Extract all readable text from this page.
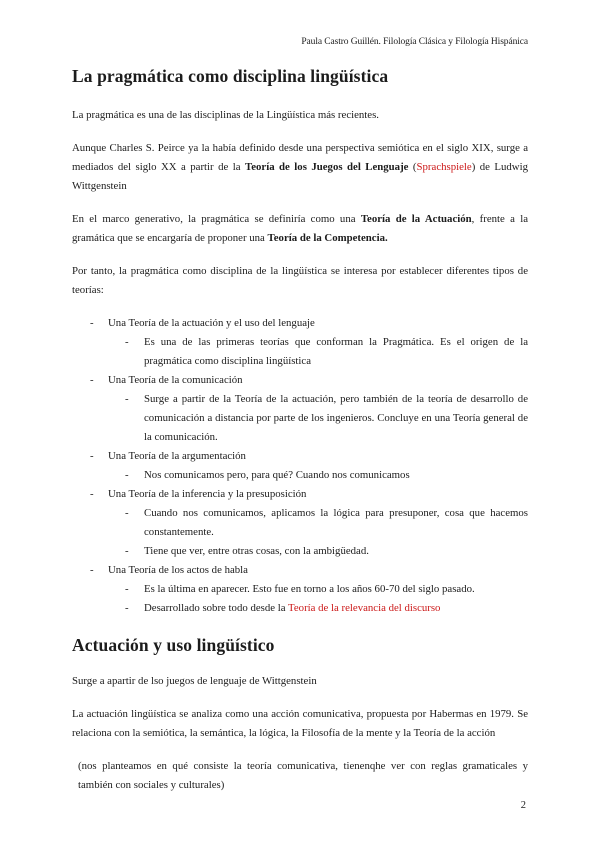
Paula Castro Guillén. Filología Clásica y Filología Hispánica
La pragmática como disciplina lingüística

La pragmática es una de las disciplinas de la Lingüística más recientes.

Aunque Charles S. Peirce ya la había definido desde una perspectiva semiótica en el siglo XIX, surge a mediados del siglo XX a partir de la Teoría de los Juegos del Lenguaje (Sprachspiele) de Ludwig Wittgenstein

En el marco generativo, la pragmática se definiría como una Teoría de la Actuación, frente a la gramática que se encargaría de proponer una Teoría de la Competencia.

Por tanto, la pragmática como disciplina de la lingüística se interesa por establecer diferentes tipos de teorías:

- Una Teoría de la actuación y el uso del lenguaje
- Es una de las primeras teorías que conforman la Pragmática. Es el origen de la pragmática como disciplina lingüística
- Una Teoría de la comunicación
- Surge a partir de la Teoría de la actuación, pero también de la teoría de desarrollo de comunicación a distancia por parte de los ingenieros. Concluye en una Teoría general de la comunicación.
- Una Teoría de la argumentación
- Nos comunicamos pero, para qué? Cuando nos comunicamos
- Una Teoría de la inferencia y la presuposición
- Cuando nos comunicamos, aplicamos la lógica para presuponer, cosa que hacemos constantemente.
- Tiene que ver, entre otras cosas, con la ambigüedad.
- Una Teoría de los actos de habla
- Es la última en aparecer. Esto fue en torno a los años 60-70 del siglo pasado.
- Desarrollado sobre todo desde la Teoría de la relevancia del discurso
Actuación y uso lingüístico

Surge a apartir de lso juegos de lenguaje de Wittgenstein

La actuación lingüística se analiza como una acción comunicativa, propuesta por Habermas en 1979. Se relaciona con la semiótica, la semántica, la lógica, la Filosofía de la mente y la Teoría de la acción

(nos planteamos en qué consiste la teoría comunicativa, tienenqhe ver con reglas gramaticales y también con sociales y culturales)

2
